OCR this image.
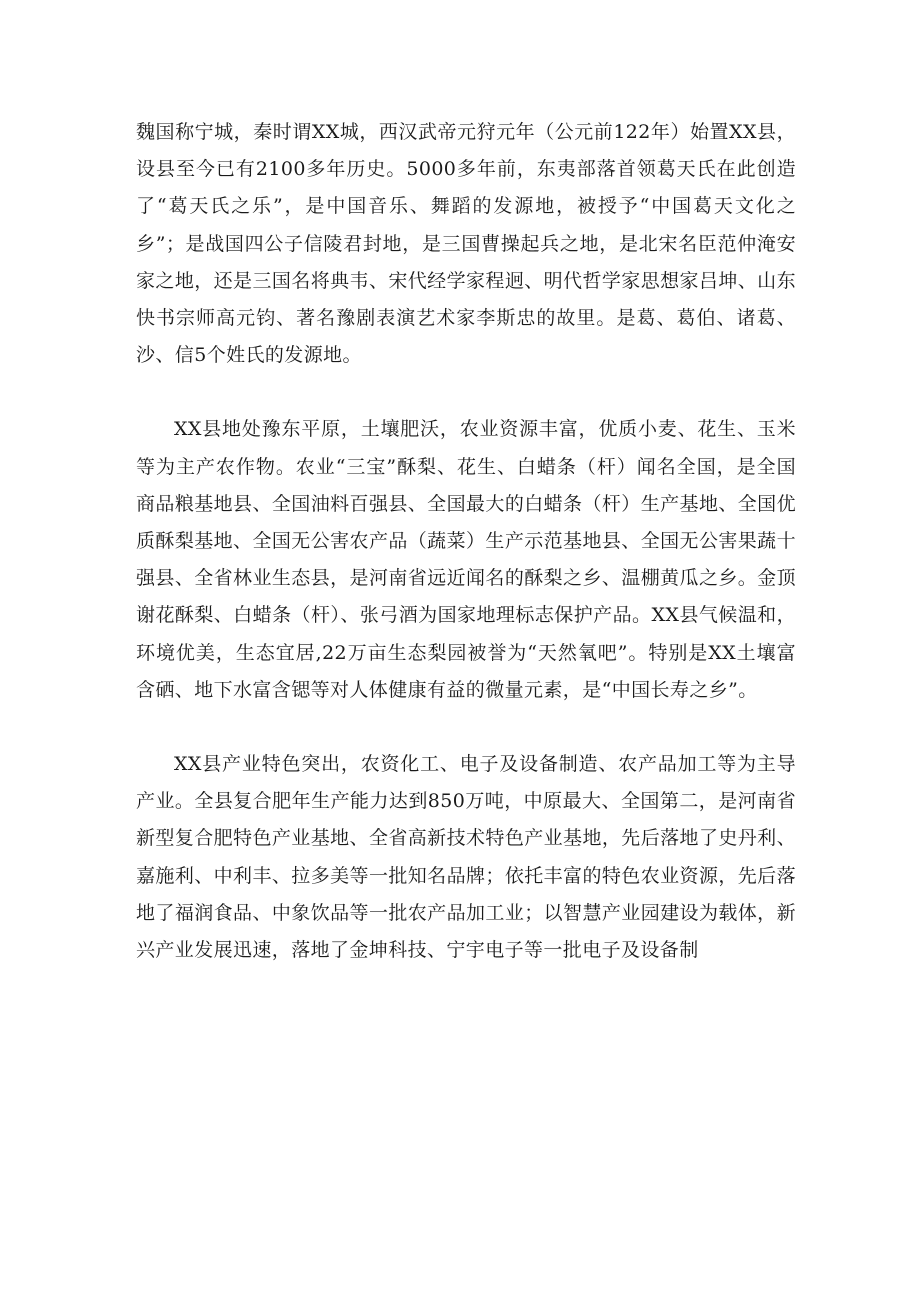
魏国称宁城，秦时谓XX城，西汉武帝元狩元年（公元前122年）始置XX县，设县至今已有2100多年历史。5000多年前，东夷部落首领葛天氏在此创造了“葛天氏之乐”，是中国音乐、舞蹈的发源地，被授予“中国葛天文化之乡”；是战国四公子信陵君封地，是三国曹操起兵之地，是北宋名臣范仲淹安家之地，还是三国名将典韦、宋代经学家程迥、明代哲学家思想家吕坤、山东快书宗师高元钧、著名豫剧表演艺术家李斯忠的故里。是葛、葛伯、诸葛、沙、信5个姓氏的发源地。

XX县地处豫东平原，土壤肥沃，农业资源丰富，优质小麦、花生、玉米等为主产农作物。农业“三宝”酥梨、花生、白蜡条（杆）闻名全国，是全国商品粮基地县、全国油料百强县、全国最大的白蜡条（杆）生产基地、全国优质酥梨基地、全国无公害农产品（蔬菜）生产示范基地县、全国无公害果蔬十强县、全省林业生态县，是河南省远近闻名的酥梨之乡、温棚黄瓜之乡。金顶谢花酥梨、白蜡条（杆）、张弓酒为国家地理标志保护产品。XX县气候温和，环境优美，生态宜居,22万亩生态梨园被誉为“天然氧吧”。特别是XX土壤富含硒、地下水富含锶等对人体健康有益的微量元素，是“中国长寿之乡”。

XX县产业特色突出，农资化工、电子及设备制造、农产品加工等为主导产业。全县复合肥年生产能力达到850万吨，中原最大、全国第二，是河南省新型复合肥特色产业基地、全省高新技术特色产业基地，先后落地了史丹利、嘉施利、中利丰、拉多美等一批知名品牌；依托丰富的特色农业资源，先后落地了福润食品、中象饮品等一批农产品加工业；以智慧产业园建设为载体，新兴产业发展迅速，落地了金坤科技、宁宇电子等一批电子及设备制
